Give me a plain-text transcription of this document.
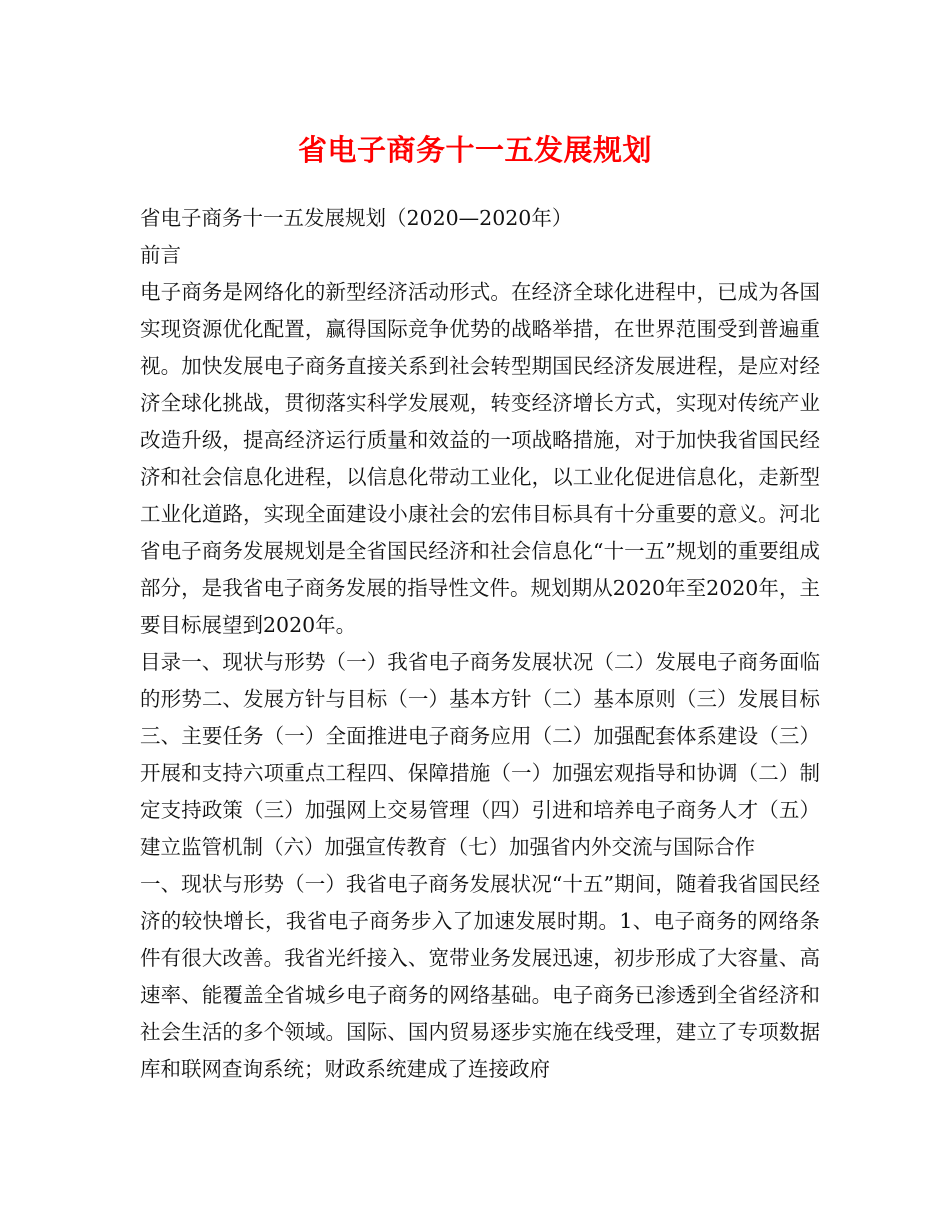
省电子商务十一五发展规划

省电子商务十一五发展规划（2020—2020年）

前言

电子商务是网络化的新型经济活动形式。在经济全球化进程中，已成为各国实现资源优化配置，赢得国际竞争优势的战略举措，在世界范围受到普遍重视。加快发展电子商务直接关系到社会转型期国民经济发展进程，是应对经济全球化挑战，贯彻落实科学发展观，转变经济增长方式，实现对传统产业改造升级，提高经济运行质量和效益的一项战略措施，对于加快我省国民经济和社会信息化进程，以信息化带动工业化，以工业化促进信息化，走新型工业化道路，实现全面建设小康社会的宏伟目标具有十分重要的意义。河北省电子商务发展规划是全省国民经济和社会信息化“十一五”规划的重要组成部分，是我省电子商务发展的指导性文件。规划期从2020年至2020年，主要目标展望到2020年。

目录一、现状与形势（一）我省电子商务发展状况（二）发展电子商务面临的形势二、发展方针与目标（一）基本方针（二）基本原则（三）发展目标三、主要任务（一）全面推进电子商务应用（二）加强配套体系建设（三）开展和支持六项重点工程四、保障措施（一）加强宏观指导和协调（二）制定支持政策（三）加强网上交易管理（四）引进和培养电子商务人才（五）建立监管机制（六）加强宣传教育（七）加强省内外交流与国际合作

一、现状与形势（一）我省电子商务发展状况“十五”期间，随着我省国民经济的较快增长，我省电子商务步入了加速发展时期。1、电子商务的网络条件有很大改善。我省光纤接入、宽带业务发展迅速，初步形成了大容量、高速率、能覆盖全省城乡电子商务的网络基础。电子商务已渗透到全省经济和社会生活的多个领域。国际、国内贸易逐步实施在线受理，建立了专项数据库和联网查询系统；财政系统建成了连接政府
